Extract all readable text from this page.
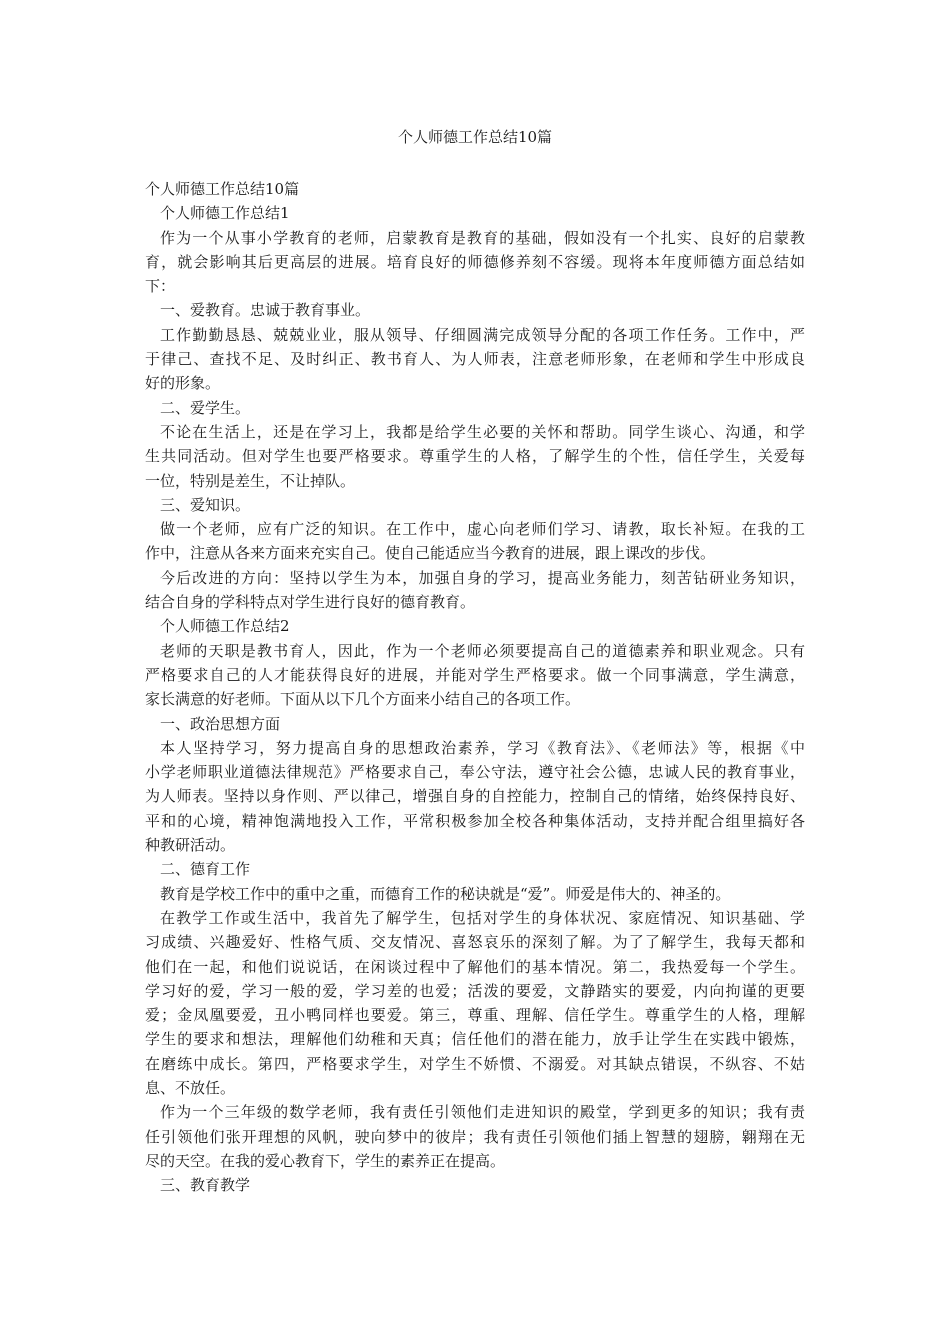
个人师德工作总结10篇
个人师德工作总结10篇
个人师德工作总结1
作为一个从事小学教育的老师，启蒙教育是教育的基础，假如没有一个扎实、良好的启蒙教
育，就会影响其后更高层的进展。培育良好的师德修养刻不容缓。现将本年度师德方面总结如
下：
一、爱教育。忠诚于教育事业。
工作勤勤恳恳、兢兢业业，服从领导、仔细圆满完成领导分配的各项工作任务。工作中，严
于律己、查找不足、及时纠正、教书育人、为人师表，注意老师形象，在老师和学生中形成良
好的形象。
二、爱学生。
不论在生活上，还是在学习上，我都是给学生必要的关怀和帮助。同学生谈心、沟通，和学
生共同活动。但对学生也要严格要求。尊重学生的人格，了解学生的个性，信任学生，关爱每
一位，特别是差生，不让掉队。
三、爱知识。
做一个老师，应有广泛的知识。在工作中，虚心向老师们学习、请教，取长补短。在我的工
作中，注意从各来方面来充实自己。使自己能适应当今教育的进展，跟上课改的步伐。
今后改进的方向：坚持以学生为本，加强自身的学习，提高业务能力，刻苦钻研业务知识，
结合自身的学科特点对学生进行良好的德育教育。
个人师德工作总结2
老师的天职是教书育人，因此，作为一个老师必须要提高自己的道德素养和职业观念。只有
严格要求自己的人才能获得良好的进展，并能对学生严格要求。做一个同事满意，学生满意，
家长满意的好老师。下面从以下几个方面来小结自己的各项工作。
一、政治思想方面
本人坚持学习，努力提高自身的思想政治素养，学习《教育法》、《老师法》等，根据《中
小学老师职业道德法律规范》严格要求自己，奉公守法，遵守社会公德，忠诚人民的教育事业，
为人师表。坚持以身作则、严以律己，增强自身的自控能力，控制自己的情绪，始终保持良好、
平和的心境，精神饱满地投入工作，平常积极参加全校各种集体活动，支持并配合组里搞好各
种教研活动。
二、德育工作
教育是学校工作中的重中之重，而德育工作的秘诀就是“爱”。师爱是伟大的、神圣的。
在教学工作或生活中，我首先了解学生，包括对学生的身体状况、家庭情况、知识基础、学
习成绩、兴趣爱好、性格气质、交友情况、喜怒哀乐的深刻了解。为了了解学生，我每天都和
他们在一起，和他们说说话，在闲谈过程中了解他们的基本情况。第二，我热爱每一个学生。
学习好的爱，学习一般的爱，学习差的也爱；活泼的要爱，文静踏实的要爱，内向拘谨的更要
爱；金凤凰要爱，丑小鸭同样也要爱。第三，尊重、理解、信任学生。尊重学生的人格，理解
学生的要求和想法，理解他们幼稚和天真；信任他们的潜在能力，放手让学生在实践中锻炼，
在磨练中成长。第四，严格要求学生，对学生不娇惯、不溺爱。对其缺点错误，不纵容、不姑
息、不放任。
作为一个三年级的数学老师，我有责任引领他们走进知识的殿堂，学到更多的知识；我有责
任引领他们张开理想的风帆，驶向梦中的彼岸；我有责任引领他们插上智慧的翅膀，翱翔在无
尽的天空。在我的爱心教育下，学生的素养正在提高。
三、教育教学
